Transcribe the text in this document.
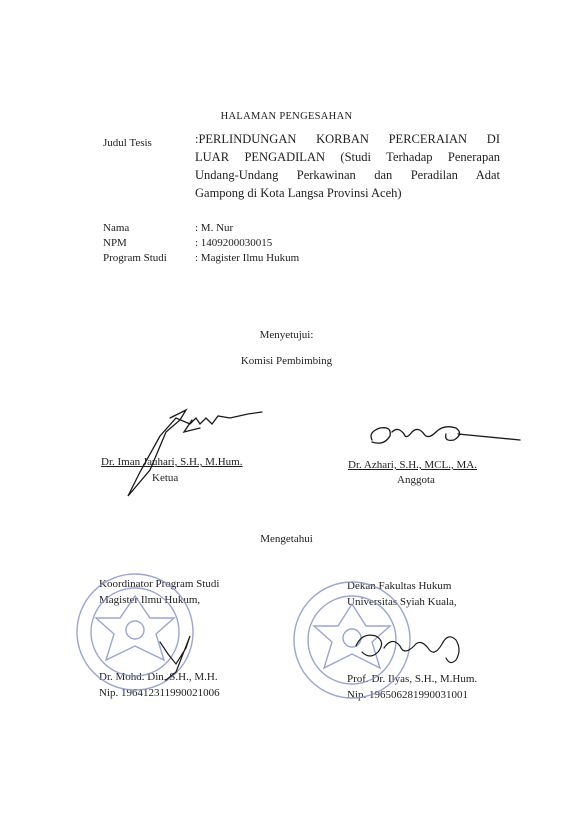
HALAMAN PENGESAHAN
Judul Tesis	:PERLINDUNGAN KORBAN PERCERAIAN DI
LUAR PENGADILAN (Studi Terhadap Penerapan
Undang-Undang Perkawinan dan Peradilan Adat
Gampong di Kota Langsa Provinsi Aceh)
Nama	: M. Nur
NPM	: 1409200030015
Program Studi	: Magister Ilmu Hukum
Menyetujui:
Komisi Pembimbing
Dr. Iman Jauhari, S.H., M.Hum.
Ketua
Dr. Azhari, S.H., MCL., MA.
Anggota
Mengetahui
Koordinator Program Studi
Magister Ilmu Hukum,
Dr. Mohd. Din, S.H., M.H.
Nip. 196412311990021006
Dekan Fakultas Hukum
Universitas Syiah Kuala,
Prof. Dr. Ilyas, S.H., M.Hum.
Nip. 196506281990031001
